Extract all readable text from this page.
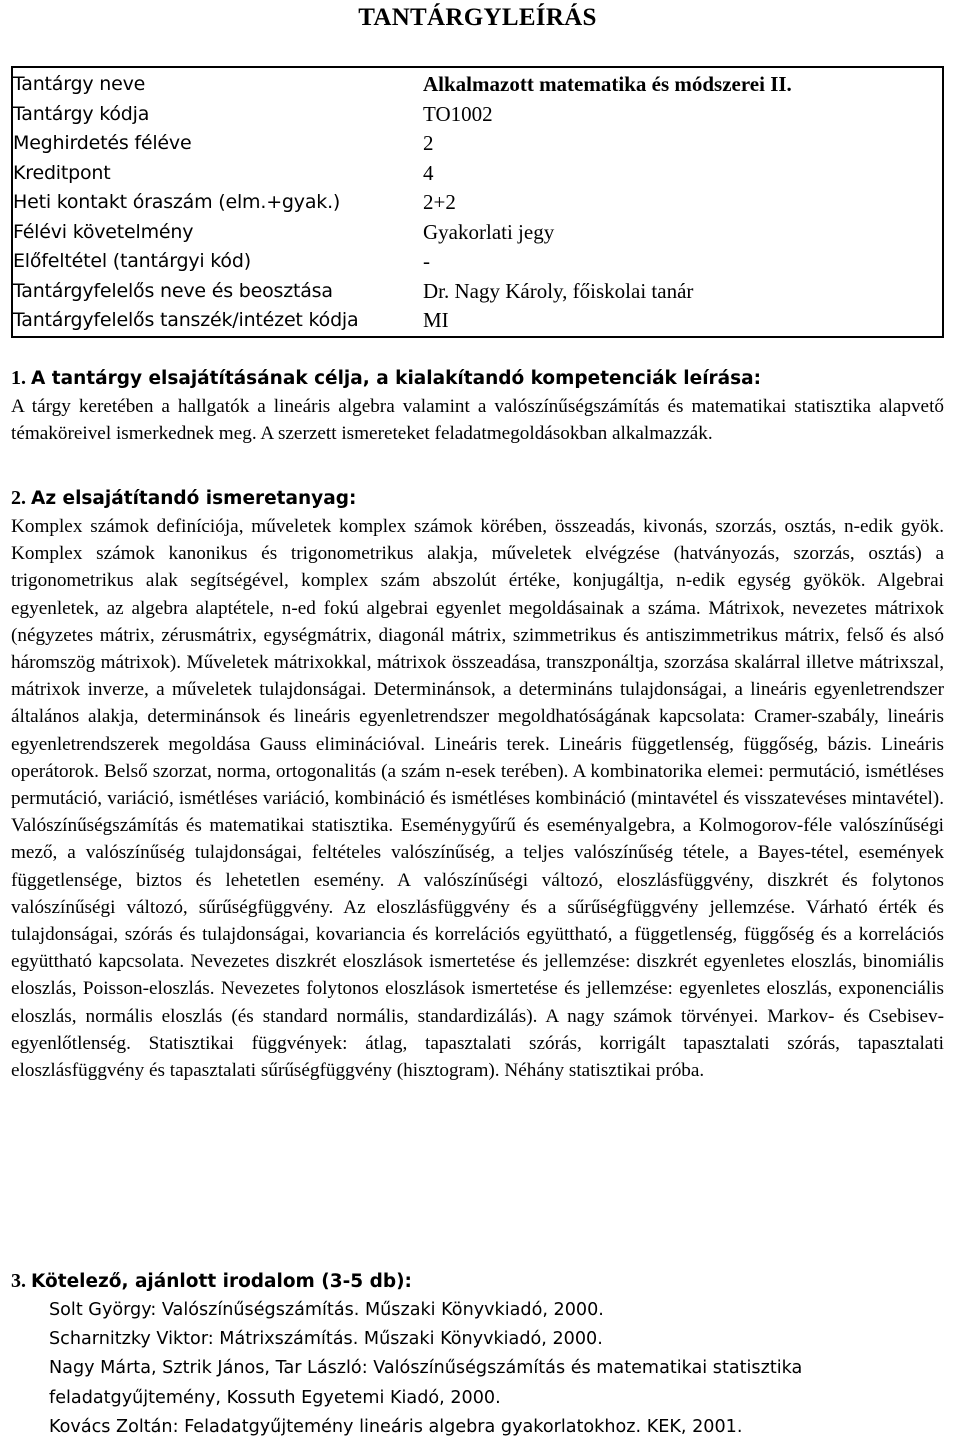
TANTÁRGYLEÍRÁS
Tantárgy neve	Alkalmazott matematika és módszerei II.
Tantárgy kódja	TO1002
Meghirdetés féléve	2
Kreditpont	4
Heti kontakt óraszám (elm.+gyak.)	2+2
Félévi követelmény	Gyakorlati jegy
Előfeltétel (tantárgyi kód)	-
Tantárgyfelelős neve és beosztása	Dr. Nagy Károly, főiskolai tanár
Tantárgyfelelős tanszék/intézet kódja	MI
1. A tantárgy elsajátításának célja, a kialakítandó kompetenciák leírása:

A tárgy keretében a hallgatók a lineáris algebra valamint a valószínűségszámítás és matematikai statisztika alapvető témaköreivel ismerkednek meg. A szerzett ismereteket feladatmegoldásokban alkalmazzák.

2. Az elsajátítandó ismeretanyag:

Komplex számok definíciója, műveletek komplex számok körében, összeadás, kivonás, szorzás, osztás, n-edik gyök. Komplex számok kanonikus és trigonometrikus alakja, műveletek elvégzése (hatványozás, szorzás, osztás) a trigonometrikus alak segítségével, komplex szám abszolút értéke, konjugáltja, n-edik egység gyökök. Algebrai egyenletek, az algebra alaptétele, n-ed fokú algebrai egyenlet megoldásainak a száma. Mátrixok, nevezetes mátrixok (négyzetes mátrix, zérusmátrix, egységmátrix, diagonál mátrix, szimmetrikus és antiszimmetrikus mátrix, felső és alsó háromszög mátrixok). Műveletek mátrixokkal, mátrixok összeadása, transzponáltja, szorzása skalárral illetve mátrixszal, mátrixok inverze, a műveletek tulajdonságai. Determinánsok, a determináns tulajdonságai, a lineáris egyenletrendszer általános alakja, determinánsok és lineáris egyenletrendszer megoldhatóságának kapcsolata: Cramer-szabály, lineáris egyenletrendszerek megoldása Gauss eliminációval. Lineáris terek. Lineáris függetlenség, függőség, bázis. Lineáris operátorok. Belső szorzat, norma, ortogonalitás (a szám n-esek terében). A kombinatorika elemei: permutáció, ismétléses permutáció, variáció, ismétléses variáció, kombináció és ismétléses kombináció (mintavétel és visszatevéses mintavétel). Valószínűségszámítás és matematikai statisztika. Eseménygyűrű és eseményalgebra, a Kolmogorov-féle valószínűségi mező, a valószínűség tulajdonságai, feltételes valószínűség, a teljes valószínűség tétele, a Bayes-tétel, események függetlensége, biztos és lehetetlen esemény. A valószínűségi változó, eloszlásfüggvény, diszkrét és folytonos valószínűségi változó, sűrűségfüggvény. Az eloszlásfüggvény és a sűrűségfüggvény jellemzése. Várható érték és tulajdonságai, szórás és tulajdonságai, kovariancia és korrelációs együttható, a függetlenség, függőség és a korrelációs együttható kapcsolata. Nevezetes diszkrét eloszlások ismertetése és jellemzése: diszkrét egyenletes eloszlás, binomiális eloszlás, Poisson-eloszlás. Nevezetes folytonos eloszlások ismertetése és jellemzése: egyenletes eloszlás, exponenciális eloszlás, normális eloszlás (és standard normális, standardizálás). A nagy számok törvényei. Markov- és Csebisev-egyenlőtlenség. Statisztikai függvények: átlag, tapasztalati szórás, korrigált tapasztalati szórás, tapasztalati eloszlásfüggvény és tapasztalati sűrűségfüggvény (hisztogram). Néhány statisztikai próba.

3. Kötelező, ajánlott irodalom (3-5 db):
Solt György: Valószínűségszámítás. Műszaki Könyvkiadó, 2000.
Scharnitzky Viktor: Mátrixszámítás. Műszaki Könyvkiadó, 2000.
Nagy Márta, Sztrik János, Tar László: Valószínűségszámítás és matematikai statisztika feladatgyűjtemény, Kossuth Egyetemi Kiadó, 2000.
Kovács Zoltán: Feladatgyűjtemény lineáris algebra gyakorlatokhoz. KEK, 2001.
